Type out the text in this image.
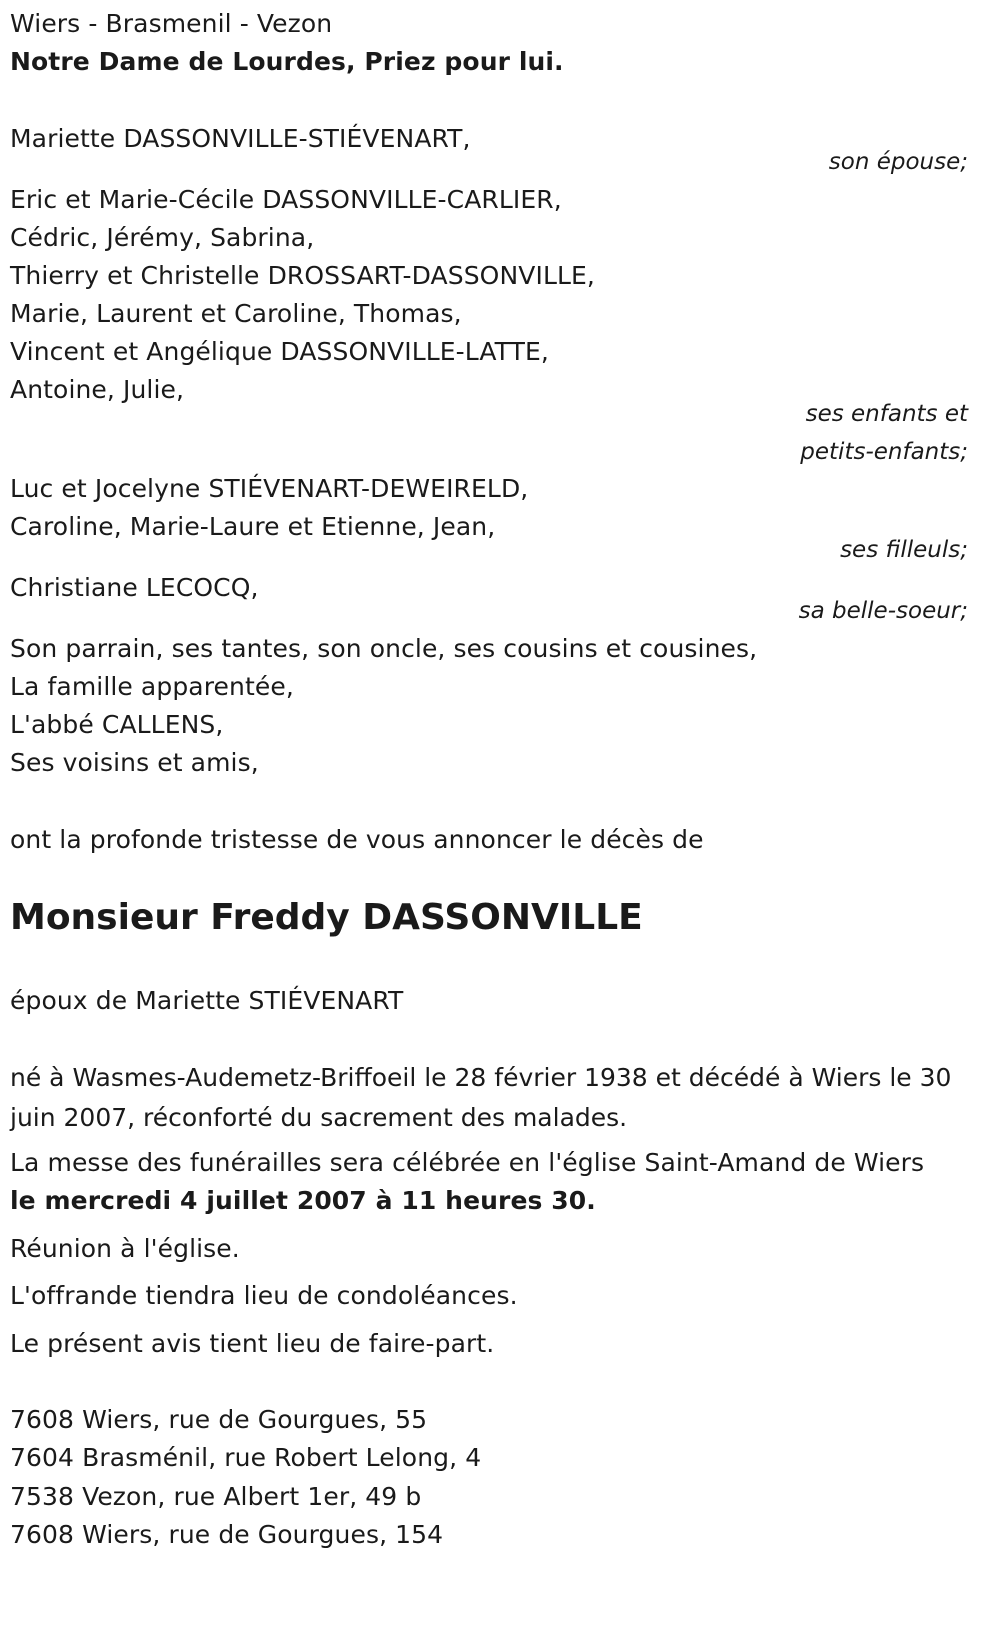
Wiers - Brasmenil - Vezon
Notre Dame de Lourdes, Priez pour lui.
Mariette DASSONVILLE-STIÉVENART,
son épouse;
Eric et Marie-Cécile DASSONVILLE-CARLIER,
Cédric, Jérémy, Sabrina,
Thierry et Christelle DROSSART-DASSONVILLE,
Marie, Laurent et Caroline, Thomas,
Vincent et Angélique DASSONVILLE-LATTE,
Antoine, Julie,
ses enfants et
petits-enfants;
Luc et Jocelyne STIÉVENART-DEWEIRELD,
Caroline, Marie-Laure et Etienne, Jean,
ses filleuls;
Christiane LECOCQ,
sa belle-soeur;
Son parrain, ses tantes, son oncle, ses cousins et cousines,
La famille apparentée,
L'abbé CALLENS,
Ses voisins et amis,
ont la profonde tristesse de vous annoncer le décès de
Monsieur Freddy DASSONVILLE
époux de Mariette STIÉVENART
né à Wasmes-Audemetz-Briffoeil le 28 février 1938 et décédé à Wiers le 30 juin 2007, réconforté du sacrement des malades.
La messe des funérailles sera célébrée en l'église Saint-Amand de Wiers
le mercredi 4 juillet 2007 à 11 heures 30.
Réunion à l'église.
L'offrande tiendra lieu de condoléances.
Le présent avis tient lieu de faire-part.
7608 Wiers, rue de Gourgues, 55
7604 Brasménil, rue Robert Lelong, 4
7538 Vezon, rue Albert 1er, 49 b
7608 Wiers, rue de Gourgues, 154
